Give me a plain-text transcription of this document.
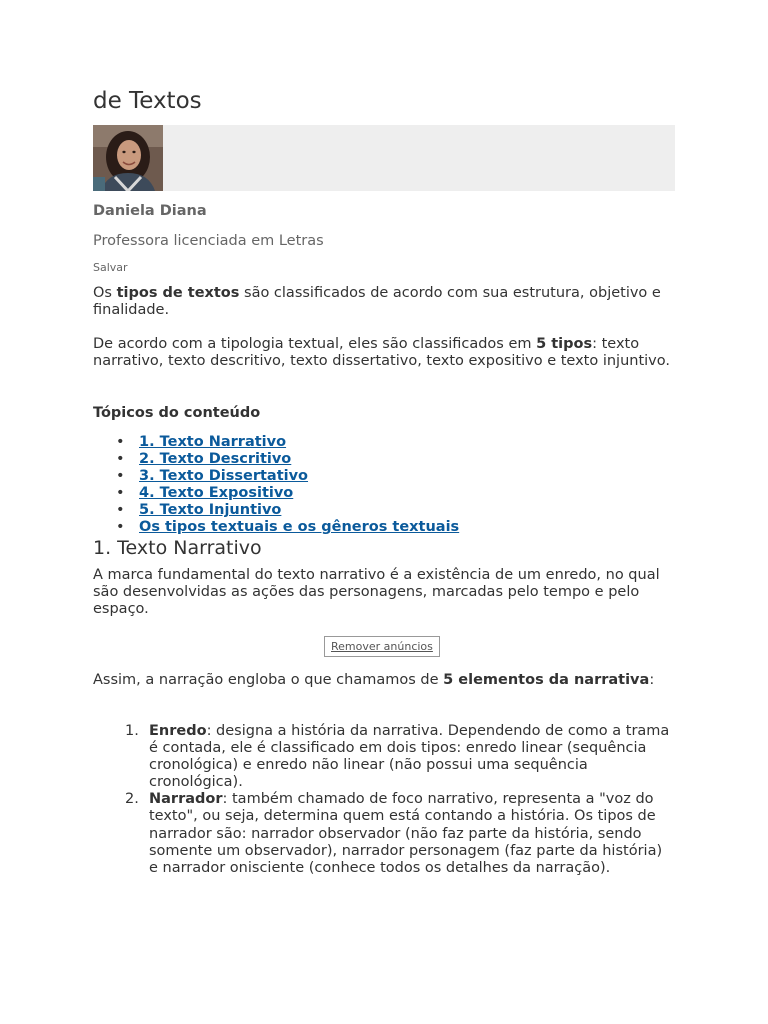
de Textos
Daniela Diana
Professora licenciada em Letras
Salvar

Os tipos de textos são classificados de acordo com sua estrutura, objetivo e finalidade.

De acordo com a tipologia textual, eles são classificados em 5 tipos: texto narrativo, texto descritivo, texto dissertativo, texto expositivo e texto injuntivo.

Tópicos do conteúdo
• 1. Texto Narrativo
• 2. Texto Descritivo
• 3. Texto Dissertativo
• 4. Texto Expositivo
• 5. Texto Injuntivo
• Os tipos textuais e os gêneros textuais
1. Texto Narrativo

A marca fundamental do texto narrativo é a existência de um enredo, no qual são desenvolvidas as ações das personagens, marcadas pelo tempo e pelo espaço.

Remover anúncios

Assim, a narração engloba o que chamamos de 5 elementos da narrativa:

1. Enredo: designa a história da narrativa. Dependendo de como a trama é contada, ele é classificado em dois tipos: enredo linear (sequência cronológica) e enredo não linear (não possui uma sequência cronológica).
2. Narrador: também chamado de foco narrativo, representa a "voz do texto", ou seja, determina quem está contando a história. Os tipos de narrador são: narrador observador (não faz parte da história, sendo somente um observador), narrador personagem (faz parte da história) e narrador onisciente (conhece todos os detalhes da narração).
